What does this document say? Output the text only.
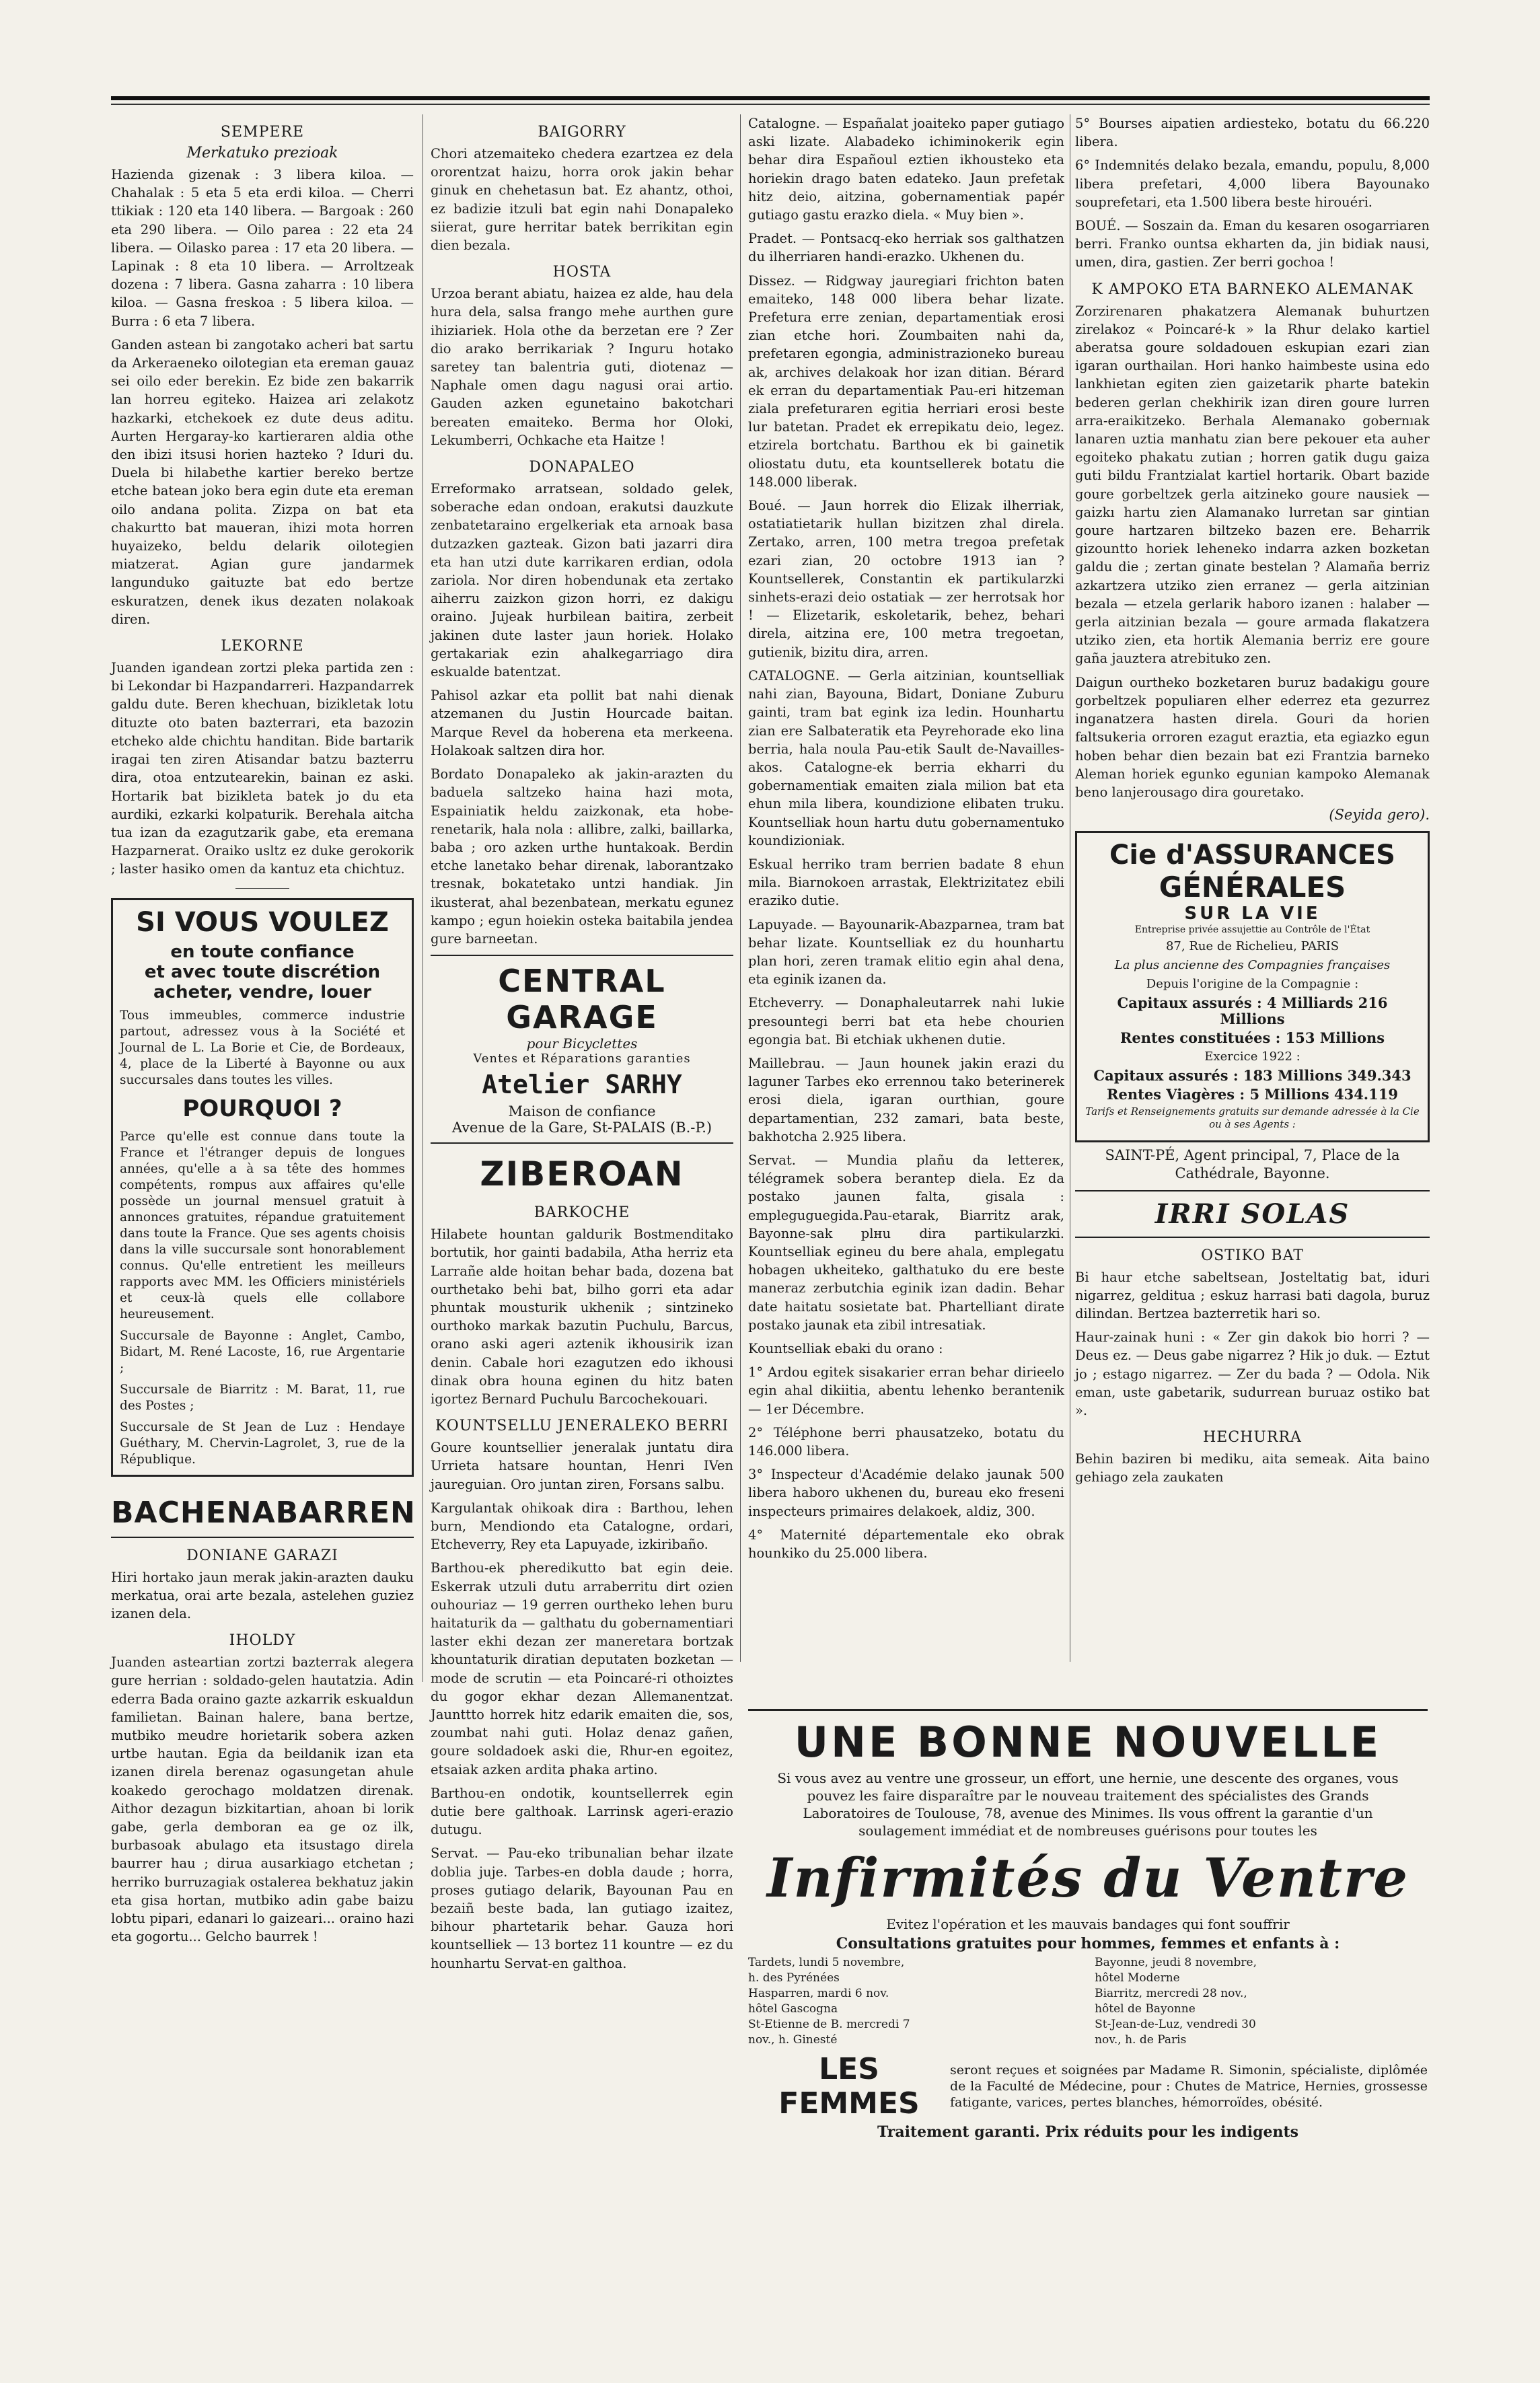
SEMPERE
Merkatuko prezioak

Hazienda gizenak : 3 libera kiloa. — Chahalak : 5 eta 5 eta erdi kiloa. — Cherri ttikiak : 120 eta 140 libera. — Bargoak : 260 eta 290 libera. — Oilo parea : 22 eta 24 libera. — Oilasko parea : 17 eta 20 libera. — Lapinak : 8 eta 10 libera. — Arroltzeak dozena : 7 libera. Gasna zaharra : 10 libera kiloa. — Gasna freskoa : 5 libera kiloa. — Burra : 6 eta 7 libera.

Ganden astean bi zangotako acheri bat sartu da Arkeraeneko oilotegian eta ereman gauaz sei oilo eder berekin. Ez bide zen bakarrik lan horreu egiteko. Haizea ari zelakotz hazkarki, etchekoek ez dute deus aditu. Aurten Hergaray-ko kartieraren aldia othe den ibizi itsusi horien hazteko ? Iduri du. Duela bi hilabethe kartier bereko bertze etche batean joko bera egin dute eta ereman oilo andana polita. Zizpa on bat eta chakurtto bat maueran, ihizi mota horren huyaizeko, beldu delarik oilotegien miatzerat. Agian gure jandarmek langunduko gaituzte bat edo bertze eskuratzen, denek ikus dezaten nolakoak diren.

LEKORNE

Juanden igandean zortzi pleka partida zen : bi Lekondar bi Hazpandarreri. Hazpandarrek galdu dute. Beren khechuan, bizikletak lotu dituzte oto baten bazterrari, eta bazozin etcheko alde chichtu handitan. Bide bartarik iragai ten ziren Atisandar batzu bazterru dira, otoa entzutearekin, bainan ez aski. Hortarik bat bizikleta batek jo du eta aurdiki, ezkarki kolpaturik. Berehala aitcha tua izan da ezagutzarik gabe, eta eremana Hazparnerat. Oraiko usltz ez duke gerokorik ; laster hasiko omen da kantuz eta chichtuz.

SI VOUS VOULEZ
en toute confiance
et avec toute discrétion
acheter, vendre, louer

Tous immeubles, commerce industrie partout, adressez vous à la Société et Journal de L. La Borie et Cie, de Bordeaux, 4, place de la Liberté à Bayonne ou aux succursales dans toutes les villes.

POURQUOI ?

Parce qu'elle est connue dans toute la France et l'étranger depuis de longues années, qu'elle a à sa tête des hommes compétents, rompus aux affaires qu'elle possède un journal mensuel gratuit à annonces gratuites, répandue gratuitement dans toute la France. Que ses agents choisis dans la ville succursale sont honorablement connus. Qu'elle entretient les meilleurs rapports avec MM. les Officiers ministériels et ceux-là quels elle collabore heureusement.

Succursale de Bayonne : Anglet, Cambo, Bidart, M. René Lacoste, 16, rue Argentarie ;

Succursale de Biarritz : M. Barat, 11, rue des Postes ;

Succursale de St Jean de Luz : Hendaye Guéthary, M. Chervin-Lagrolet, 3, rue de la République.

BACHENABARREN
DONIANE GARAZI

Hiri hortako jaun merak jakin-arazten dauku merkatua, orai arte bezala, astelehen guziez izanen dela.

IHOLDY

Juanden asteartian zortzi bazterrak alegera gure herrian : soldado-gelen hautatzia. Adin ederra Bada oraino gazte azkarrik eskualdun familietan. Bainan halere, bana bertze, mutbiko meudre horietarik sobera azken urtbe hautan. Egia da beildanik izan eta izanen direla berenaz ogasungetan ahule koakedo gerochago moldatzen direnak. Aithor dezagun bizkitartian, ahoan bi lorik gabe, gerla demboran ea ge oz ilk, burbasoak abulago eta itsustago direla baurrer hau ; dirua ausarkiago etchetan ; herriko burruzagiak ostalerea bekhatuz jakin eta gisa hortan, mutbiko adin gabe baizu lobtu pipari, edanari lo gaizeari... oraino hazi eta gogortu... Gelcho baurrek !

BAIGORRY

Chori atzemaiteko chedera ezartzea ez dela ororentzat haizu, horra orok jakin behar ginuk en chehetasun bat. Ez ahantz, othoi, ez badizie itzuli bat egin nahi Donapaleko siierat, gure herritar batek berrikitan egin dien bezala.

HOSTA

Urzoa berant abiatu, haizea ez alde, hau dela hura dela, salsa frango mehe aurthen gure ihiziariek. Hola othe da berzetan ere ? Zer dio arako berrikariak ? Inguru hotako saretey tan balentria guti, diotenaz — Naphale omen dagu nagusi orai artio. Gauden azken egunetaino bakotchari bereaten emaiteko. Berma hor Oloki, Lekumberri, Ochkache eta Haitze !

DONAPALEO

Erreformako arratsean, soldado gelek, soberache edan ondoan, erakutsi dauzkute zenbatetaraino ergelkeriak eta arnoak basa dutzazken gazteak. Gizon bati jazarri dira eta han utzi dute karrikaren erdian, odola zariola. Nor diren hobendunak eta zertako aiherru zaizkon gizon horri, ez dakigu oraino. Jujeak hurbilean baitira, zerbeit jakinen dute laster jaun horiek. Holako gertakariak ezin ahalkegarriago dira eskualde batentzat.

Pahisol azkar eta pollit bat nahi dienak atzemanen du Justin Hourcade baitan. Marque Revel da hoberena eta merkeena. Holakoak saltzen dira hor.

Bordato Donapaleko ak jakin-arazten du baduela saltzeko haina hazi mota, Espainiatik heldu zaizkonak, eta hobe-renetarik, hala nola : allibre, zalki, baillarka, baba ; oro azken urthe huntakoak. Berdin etche lanetako behar direnak, laborantzako tresnak, bokatetako untzi handiak. Jin ikusterat, ahal bezenbatean, merkatu egunez kampo ; egun hoiekin osteka baitabila jendea gure barneetan.

CENTRAL GARAGE
pour Bicyclettes
Ventes et Réparations garanties
Atelier SARHY
Maison de confiance
Avenue de la Gare, St-PALAIS (B.-P.)
ZIBEROAN
BARKOCHE

Hilabete hountan galdurik Bostmenditako bortutik, hor gainti badabila, Atha herriz eta Larrañe alde hoitan behar bada, dozena bat ourthetako behi bat, bilho gorri eta adar phuntak mousturik ukhenik ; sintzineko ourthoko markak bazutin Puchulu, Barcus, orano aski ageri aztenik ikhousirik izan denin. Cabale hori ezagutzen edo ikhousi dinak obra hounа eginen du hitz baten igortez Bernard Puchulu Barcochekouari.

KOUNTSELLU JENERALEKO BERRI

Goure kountsellier jeneralak juntatu dira Urrieta hatsare hountan, Henri IVen jaureguian. Oro juntan ziren, Forsans salbu.

Kargulantak ohikoak dira : Barthou, lehen burn, Mendiondo eta Catalogne, ordari, Etcheverry, Rey eta Lapuyade, izkiribaño.

Barthou-ek pheredikutto bat egin deie. Eskerrak utzuli dutu arraberritu dirt ozien ouhouriaz — 19 gerren ourtheko lehen buru haitaturik da — galthatu du gobernamentiari laster ekhi dezan zer maneretara bortzak khountaturik diratian deputaten bozketan — mode de scrutin — eta Poincaré-ri othoiztes du gogor ekhar dezan Allemanentzat. Jaunttto horrek hitz edarik emaiten die, sos, zoumbat nahi guti. Holaz denaz gañen, goure soldadoek aski die, Rhur-en egoitez, etsaiak azken ardita phaka artino.

Barthou-en ondotik, kountsellerrek egin dutie bere galthoak. Larrinsk ageri-erazio dutugu.

Servat. — Pau-eko tribunalian behar ilzate doblia juje. Tarbes-en dobla daude ; horra, proses gutiago delarik, Bayounan Pau en bezaiñ beste bada, lan gutiago izaitez, bihour phartetarik behar. Gauza hori kountselliek — 13 bortez 11 kountre — ez du hounhartu Servat-en galthoa.

Catalogne. — Españalat joaiteko paper gutiago aski lizate. Alabadeko ichiminokerik egin behar dira Españoul eztien ikhousteko eta horiekin drago baten edateko. Jaun prefetak hitz deio, aitzina, gobernamentiak papér gutiago gastu erazko diela. « Muy bien ».

Pradet. — Pontsacq-eko herriak sos galthatzen du ilherriaren handi-erazko. Ukhenen du.

Dissez. — Ridgway jauregiari frichton baten emaiteko, 148 000 libera behar lizate. Prefetura erre zenian, departamentiak erosi zian etche hori. Zoumbaiten nahi da, prefetaren egongia, administrazioneko bureau ak, archives delakoak hor izan ditian. Bérard ek erran du departamentiak Pau-eri hitzeman ziala prefeturaren egitia herriari erosi beste lur batetan. Pradet ek errepikatu deio, legez. etzirela bortchatu. Barthou ek bi gainetik oliostatu dutu, eta kountsellerek botatu die 148.000 liberak.

Boué. — Jaun horrek dio Elizak ilherriak, ostatiatietarik hullan bizitzen zhal direla. Zertako, arren, 100 metra tregoa prefetak ezari zian, 20 octobre 1913 ian ? Kountsellerek, Constantin ek partikularzki sinhets-erazi deio ostatiak — zer herrotsak hor ! — Elizetarik, eskoletarik, behez, behari direla, aitzina ere, 100 metra tregoetan, gutienik, bizitu dira, arren.

CATALOGNE. — Gerla aitzinian, kountselliak nahi zian, Bayouna, Bidart, Doniane Zuburu gainti, tram bat egink iza ledin. Hounhartu zian ere Salbateratik eta Peyrehorade eko lina berria, hala noula Pau-etik Sault de-Navailles-akos. Catalogne-ek berria ekharri du gobernamentiak emaiten ziala milion bat eta ehun mila libera, koundizione elibaten truku. Kountselliak houn hartu dutu gobernamentuko koundizioniak.

Eskual herriko tram berrien badate 8 ehun mila. Biarnokoen arrastak, Elektrizitatez ebili eraziko dutie.

Lapuyade. — Bayounarik-Abazparnea, tram bat behar lizate. Kountselliak ez du hounhartu plan hori, zeren tramak elitio egin ahal dena, eta eginik izanen da.

Etcheverry. — Donaphaleutarrek nahi lukie presountegi berri bat eta hebe chourien egongia bat. Bi etchiak ukhenen dutie.

Maillebrau. — Jaun hounek jakin erazi du laguner Tarbes eko errennou tako beterinerek erosi diela, igaran ourthian, goure departamentian, 232 zamari, bata beste, bakhotcha 2.925 libera.

Servat. — Mundia plañu da lettereк, télégramek sobera berantер diela. Ez da postako jaunen falta, gisala : empleguguegidа.Pau-etarak, Biarritz arak, Bayonne-sak plнu dira partikularzki. Kountselliak egineu du bere ahala, emplegatu hobagen ukheiteko, galthatuko du ere beste maneraz zerbutchia eginik izan dadin. Behar date haitatu sosietate bat. Phartelliant dirate postako jaunak eta zibil intresatiak.

Kountselliak ebaki du orano :

1° Ardou egitek sisakarier erran behar dirieelo egin ahal dikiitia, abentu lehenko berantenik — 1er Décembre.

2° Téléphone berri phausatzeko, botatu du 146.000 libera.

3° Inspecteur d'Académie delako jaunak 500 libera haboro ukhenen du, bureau eko freseni inspecteurs primaires delakoek, aldiz, 300.

4° Maternité départementale eko obrak hounkiko du 25.000 libera.

5° Bourses aipatien ardiesteko, botatu du 66.220 libera.

6° Indemnités delako bezala, emandu, populu, 8,000 libera prefetari, 4,000 libera Bayounako souprefetari, eta 1.500 libera beste hirouéri.

BOUÉ. — Soszain da. Eman du kesaren osogarriaren berri. Franko ountsa ekharten da, jin bidiak nausi, umen, dira, gastien. Zer berri gochoa !

K AMPOKO ETA BARNEKO ALEMANAK

Zorzirenaren phakatzera Alemanak buhurtzen zirelakoz « Poincaré-k » la Rhur delako kartiel aberatsa goure soldadouen eskupian ezari zian igaran ourthailan. Hori hanko haimbeste usina edo lankhietan egiten zien gaizetarik pharte batekin bederen gerlan chekhirik izan diren goure lurren arra-eraikitzeko. Berhala Alemanako gobernıak lanaren uztia manhatu zian bere pekouer eta auher egoiteko phakatu zutian ; horren gatik dugu gaiza guti bildu Frantzialat kartiel hortarik. Obart bazide goure gorbeltzek gerla aitzineko goure nausiek — gaizkı hartu zien Alamanako lurretan sar gintian goure hartzaren biltzeko bazen ere. Beharrik gizountto horiek leheneko indarra azken bozketan galdu die ; zertan ginate bestelan ? Alamaña berriz azkartzera utziko zien erranez — gerla aitzinian bezala — etzela gerlarik haboro izanen : halaber — gerla aitzinian bezala — goure armada flakatzera utziko zien, eta hortik Alemania berriz ere goure gaña jauztera atrebituko zen.

Daigun ourtheko bozketaren buruz badakigu goure gorbeltzek populiaren elher ederrez eta gezurrez inganatzera hasten direla. Gouri da horien faltsukeria orroren ezagut eraztia, eta egiazko egun hoben behar dien bezain bat ezi Frantzia barneko Aleman horiek egunko egunian kampoko Alemanak beno lanjerousago dira gouretako.

(Seyida gero).
Cie d'ASSURANCES
GÉNÉRALES
SUR LA VIE
Entreprise privée assujettie au Contrôle de l'État
87, Rue de Richelieu, PARIS
La plus ancienne des Compagnies françaises
Depuis l'origine de la Compagnie :
Capitaux assurés : 4 Milliards 216 Millions
Rentes constituées : 153 Millions
Exercice 1922 :
Capitaux assurés : 183 Millions 349.343
Rentes Viagères : 5 Millions 434.119
Tarifs et Renseignements gratuits sur demande adressée à la Cie ou à ses Agents :

SAINT-PÉ, Agent principal, 7, Place de la Cathédrale, Bayonne.

IRRI SOLAS
OSTIKO BAT

Bi haur etche sabeltsean, Josteltatig bat, iduri nigarrez, gelditua ; eskuz harrasi bati dagola, buruz dilindan. Bertzea bazterretik hari so.

Haur-zainak huni : « Zer gin dakok bio horri ? — Deus ez. — Deus gabe nigarrez ? Hik jo duk. — Eztut jo ; estago nigarrez. — Zer du bada ? — Odola. Nik eman, uste gabetarik, sudurrean buruaz ostiko bat ».

HECHURRA

Behin baziren bi mediku, aita semeak. Aita baino gehiago zela zaukaten

UNE BONNE NOUVELLE

Si vous avez au ventre une grosseur, un effort, une hernie, une descente des organes, vous pouvez les faire disparaître par le nouveau traitement des spécialistes des Grands Laboratoires de Toulouse, 78, avenue des Minimes. Ils vous offrent la garantie d'un soulagement immédiat et de nombreuses guérisons pour toutes les

Infirmités du Ventre
Evitez l'opération et les mauvais bandages qui font souffrir
Consultations gratuites pour hommes, femmes et enfants à :
Tardets, lundi 5 novembre, h. des Pyrénées
Hasparren, mardi 6 nov. hôtel Gascogna
St-Etienne de B. mercredi 7 nov., h. Ginesté
Bayonne, jeudi 8 novembre, hôtel Moderne
Biarritz, mercredi 28 nov., hôtel de Bayonne
St-Jean-de-Luz, vendredi 30 nov., h. de Paris
LES FEMMES

seront reçues et soignées par Madame R. Simonin, spécialiste, diplômée de la Faculté de Médecine, pour : Chutes de Matrice, Hernies, grossesse fatigante, varices, pertes blanches, hémorroïdes, obésité.

Traitement garanti. Prix réduits pour les indigents
